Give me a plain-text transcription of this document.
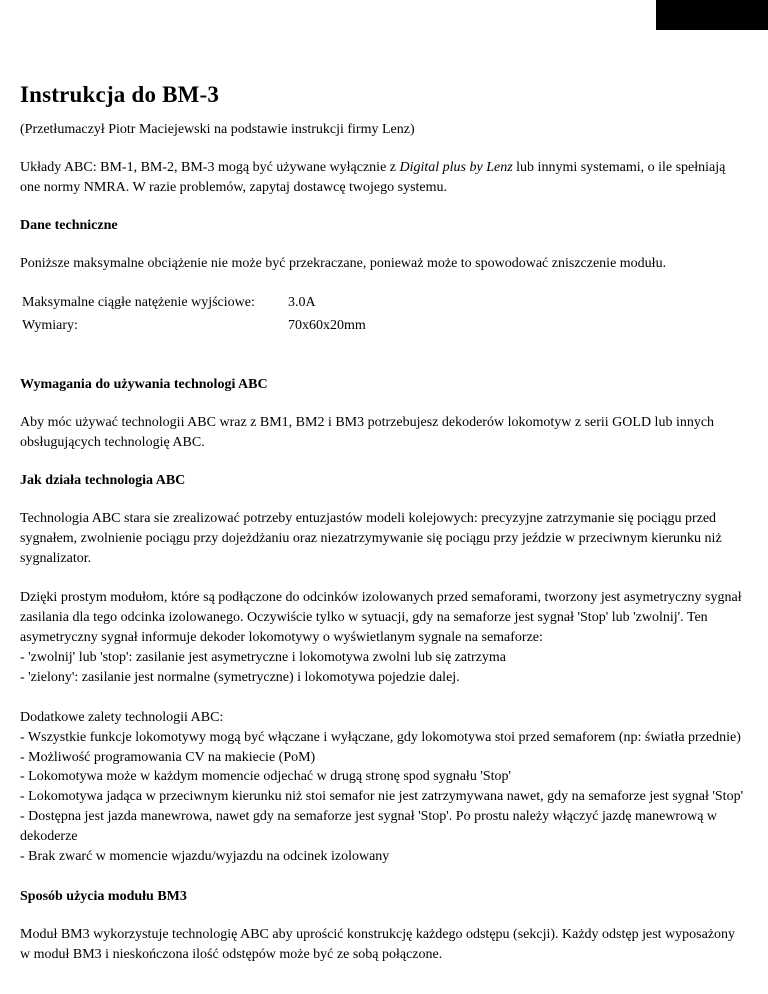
Instrukcja do BM-3

(Przetłumaczył Piotr Maciejewski na podstawie instrukcji firmy Lenz)

Układy ABC: BM-1, BM-2, BM-3 mogą być używane wyłącznie z Digital plus by Lenz lub innymi systemami, o ile spełniają one normy NMRA. W razie problemów, zapytaj dostawcę twojego systemu.

Dane techniczne

Poniższe maksymalne obciążenie nie może być przekraczane, ponieważ może to spowodować zniszczenie modułu.

Maksymalne ciągłe natężenie wyjściowe:	3.0A
Wymiary:	70x60x20mm
Wymagania do używania technologi ABC

Aby móc używać technologii ABC wraz z BM1, BM2 i BM3 potrzebujesz dekoderów lokomotyw z serii GOLD lub innych obsługujących technologię ABC.

Jak działa technologia ABC

Technologia ABC stara sie zrealizować potrzeby entuzjastów modeli kolejowych: precyzyjne zatrzymanie się pociągu przed sygnałem, zwolnienie pociągu przy dojeżdżaniu oraz niezatrzymywanie się pociągu przy jeździe w przeciwnym kierunku niż sygnalizator.

Dzięki prostym modułom, które są podłączone do odcinków izolowanych przed semaforami, tworzony jest asymetryczny sygnał zasilania dla tego odcinka izolowanego. Oczywiście tylko w sytuacji, gdy na semaforze jest sygnał 'Stop' lub 'zwolnij'. Ten asymetryczny sygnał informuje dekoder lokomotywy o wyświetlanym sygnale na semaforze:
- 'zwolnij' lub 'stop': zasilanie jest asymetryczne i lokomotywa zwolni lub się zatrzyma
- 'zielony': zasilanie jest normalne (symetryczne) i lokomotywa pojedzie dalej.

Dodatkowe zalety technologii ABC:
- Wszystkie funkcje lokomotywy mogą być włączane i wyłączane, gdy lokomotywa stoi przed semaforem (np: światła przednie)
- Możliwość programowania CV na makiecie (PoM)
- Lokomotywa może w każdym momencie odjechać w drugą stronę spod sygnału 'Stop'
- Lokomotywa jadąca w przeciwnym kierunku niż stoi semafor nie jest zatrzymywana nawet, gdy na semaforze jest sygnał 'Stop'
- Dostępna jest jazda manewrowa, nawet gdy na semaforze jest sygnał 'Stop'. Po prostu należy włączyć jazdę manewrową w dekoderze
- Brak zwarć w momencie wjazdu/wyjazdu na odcinek izolowany

Sposób użycia modułu BM3

Moduł BM3 wykorzystuje technologię ABC aby uprościć konstrukcję każdego odstępu (sekcji). Każdy odstęp jest wyposażony w moduł BM3 i nieskończona ilość odstępów może być ze sobą połączone.
